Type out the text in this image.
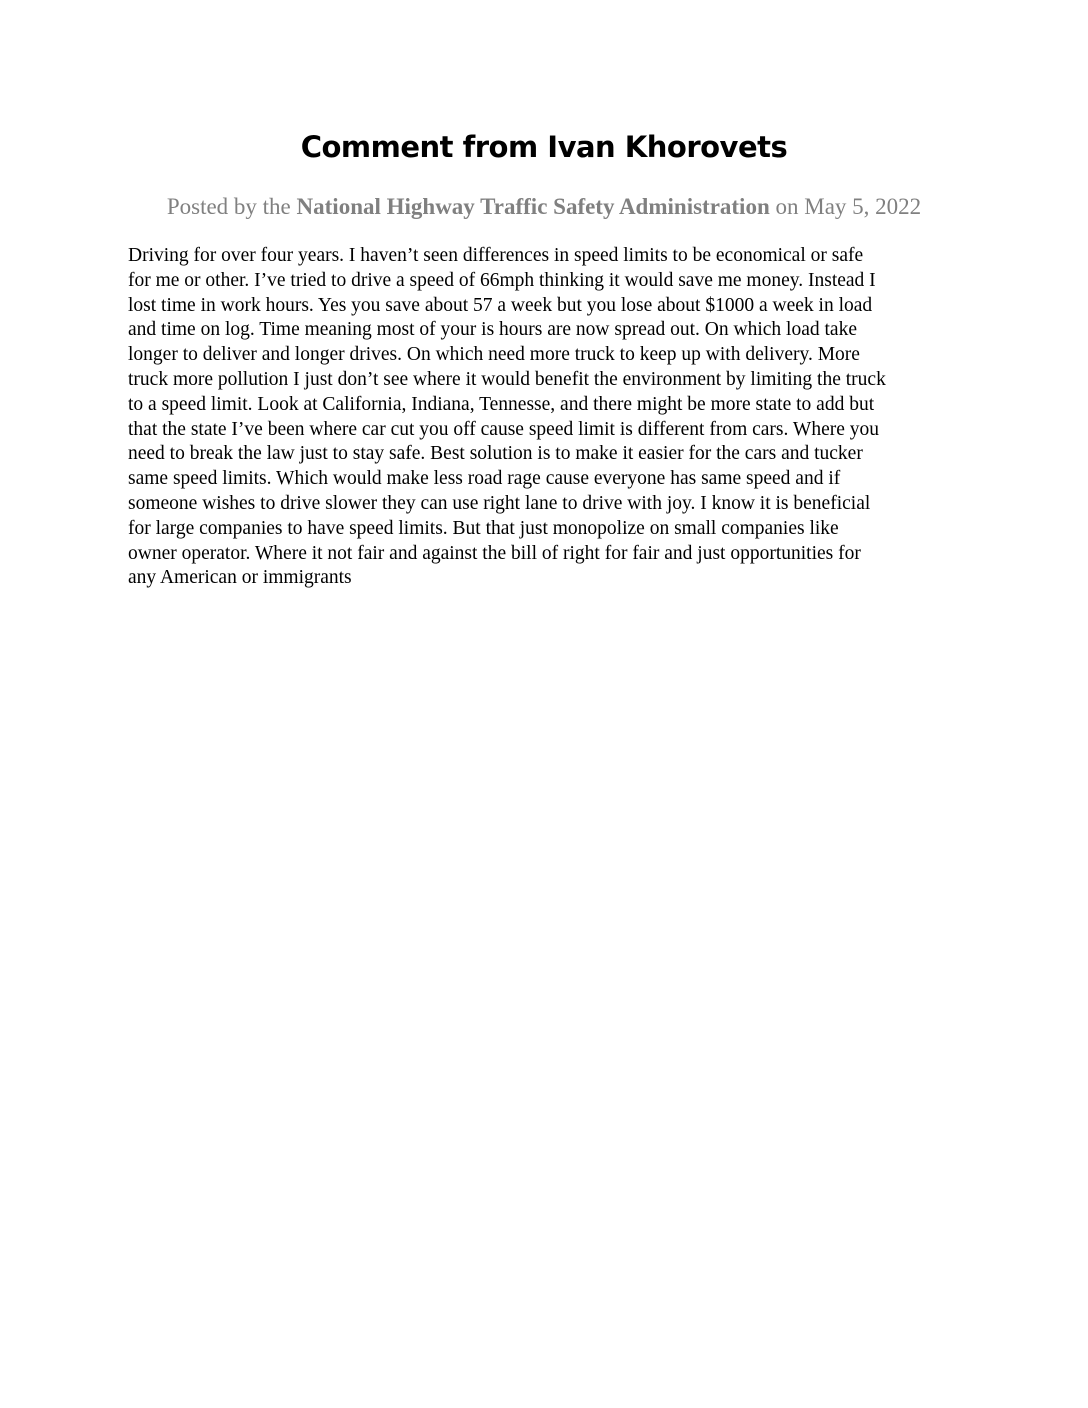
Comment from Ivan Khorovets

Posted by the National Highway Traffic Safety Administration on May 5, 2022

Driving for over four years. I haven’t seen differences in speed limits to be economical or safe
for me or other. I’ve tried to drive a speed of 66mph thinking it would save me money. Instead I
lost time in work hours. Yes you save about 57 a week but you lose about $1000 a week in load
and time on log. Time meaning most of your is hours are now spread out. On which load take
longer to deliver and longer drives. On which need more truck to keep up with delivery. More
truck more pollution I just don’t see where it would benefit the environment by limiting the truck
to a speed limit. Look at California, Indiana, Tennesse, and there might be more state to add but
that the state I’ve been where car cut you off cause speed limit is different from cars. Where you
need to break the law just to stay safe. Best solution is to make it easier for the cars and tucker
same speed limits. Which would make less road rage cause everyone has same speed and if
someone wishes to drive slower they can use right lane to drive with joy. I know it is beneficial
for large companies to have speed limits. But that just monopolize on small companies like
owner operator. Where it not fair and against the bill of right for fair and just opportunities for
any American or immigrants
